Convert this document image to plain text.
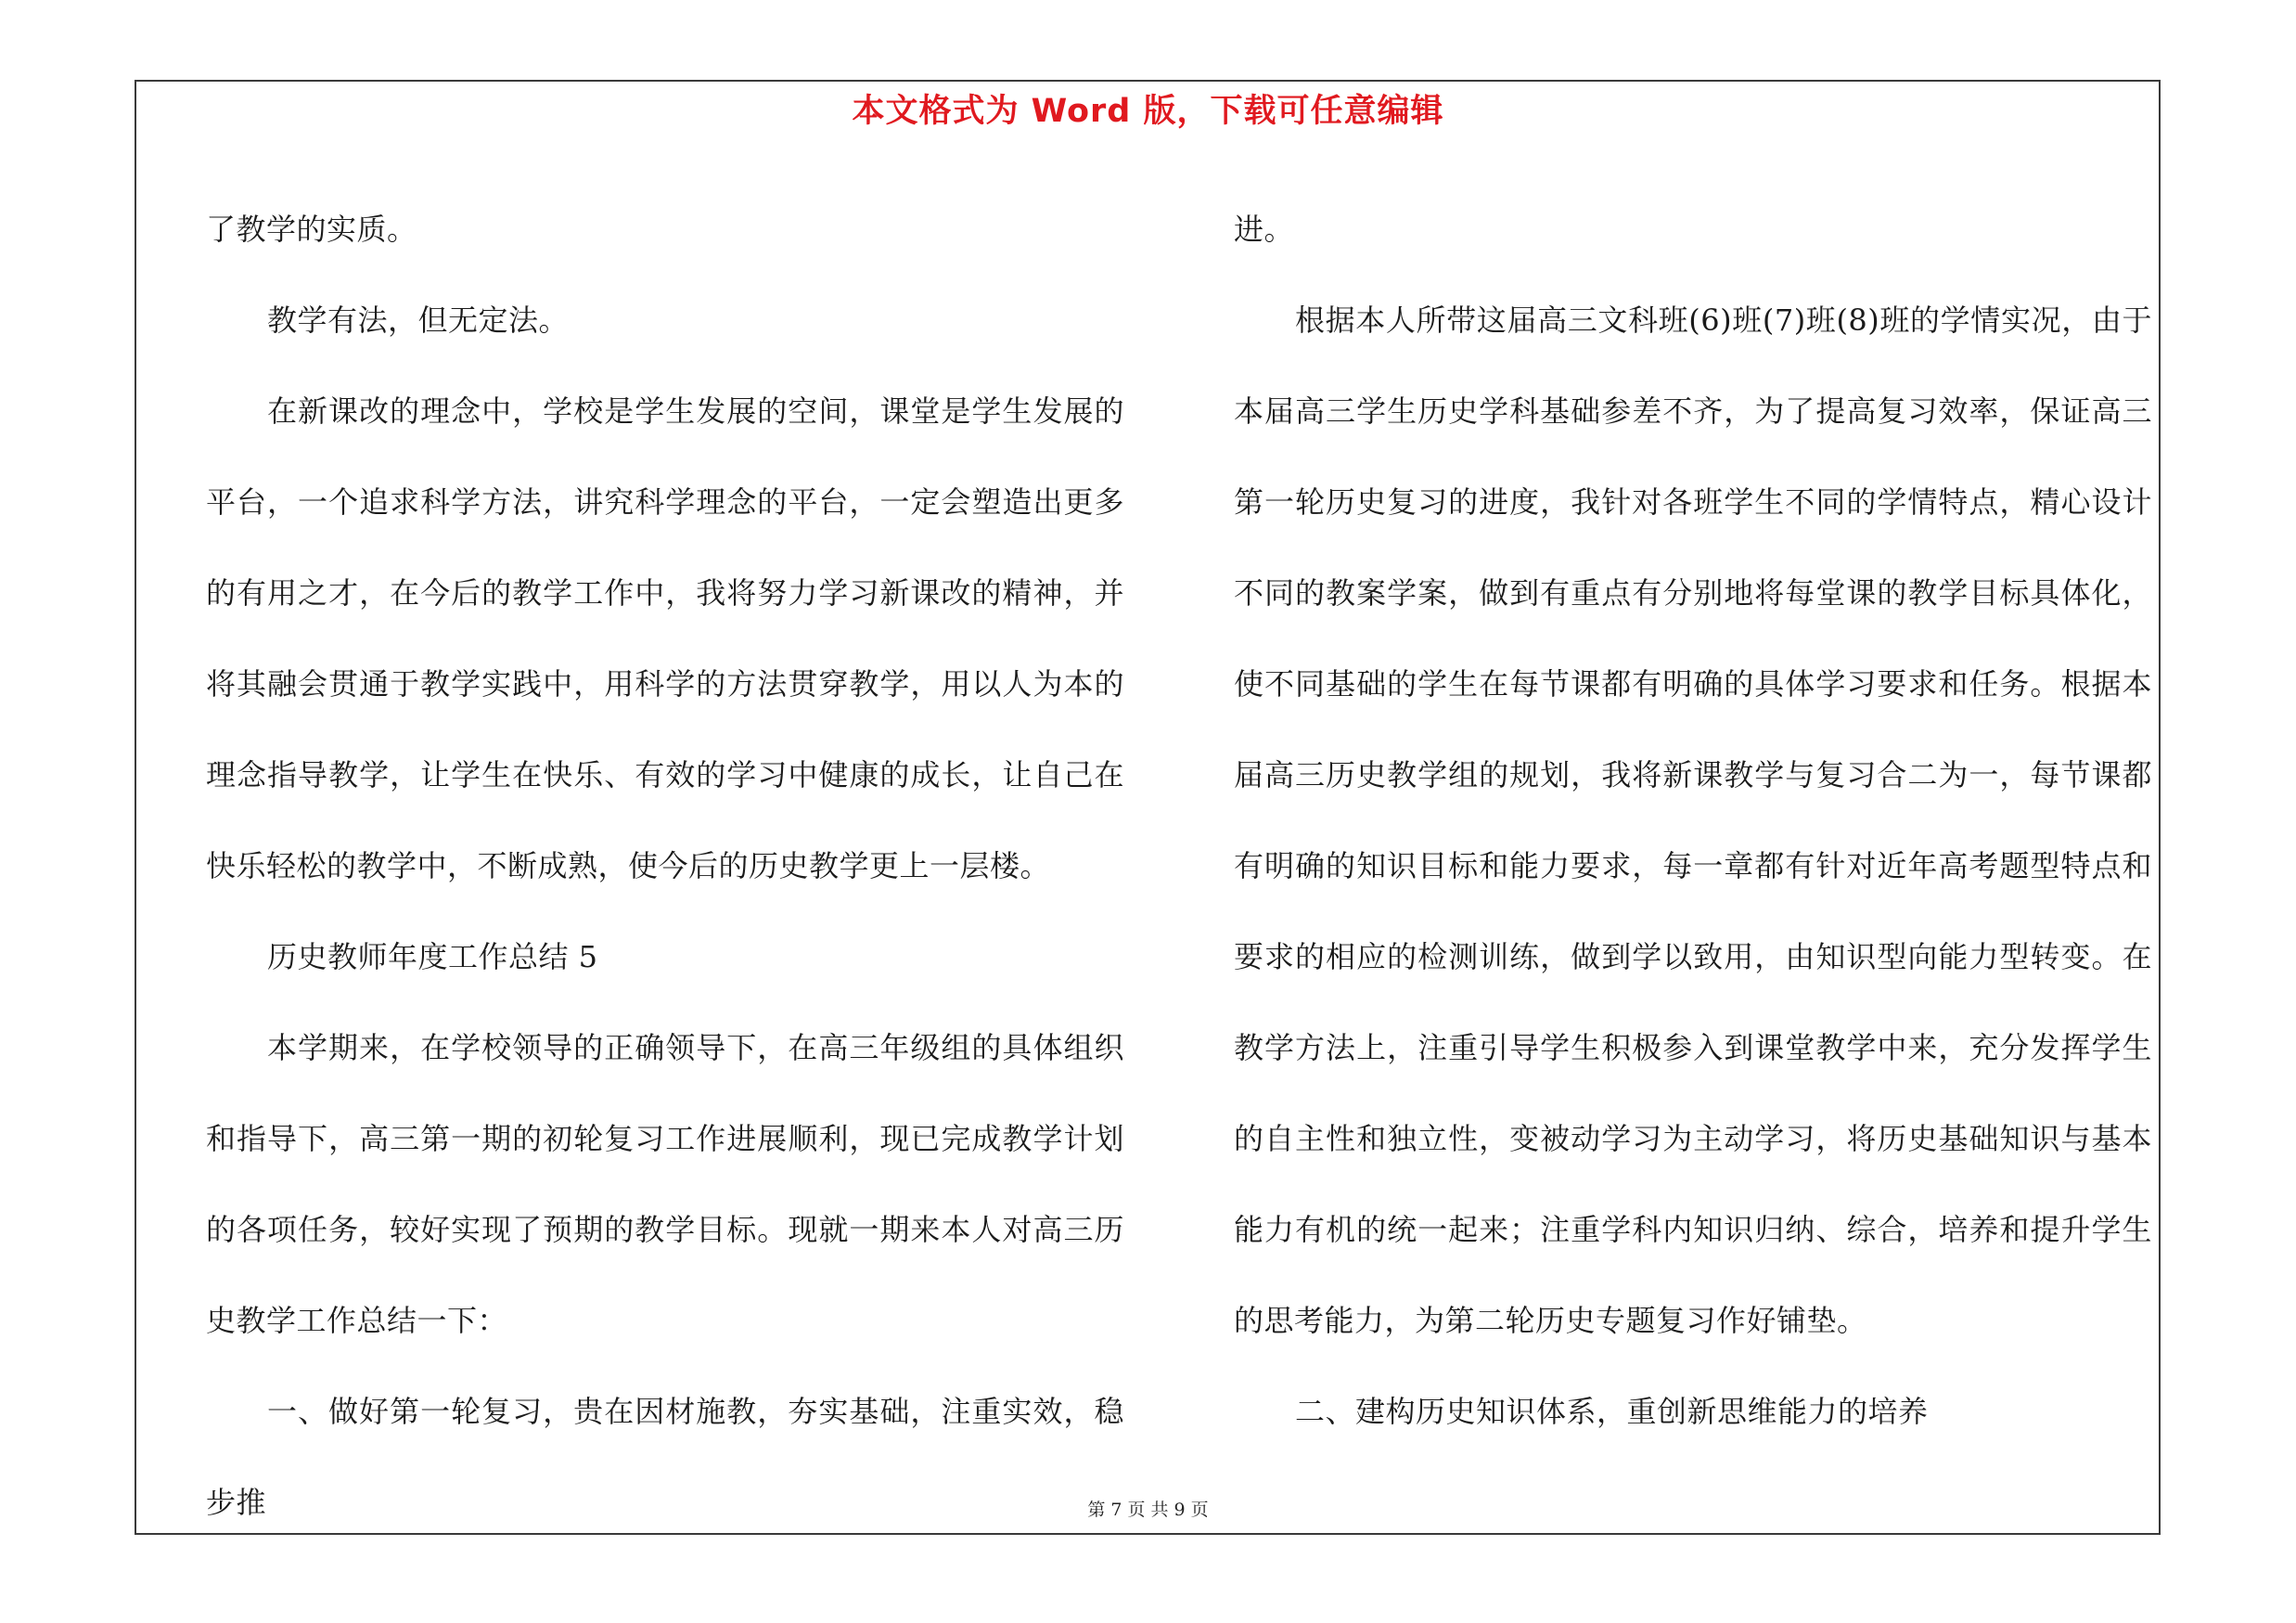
本文格式为 Word 版，下载可任意编辑

了教学的实质。

教学有法，但无定法。

在新课改的理念中，学校是学生发展的空间，课堂是学生发展的平台，一个追求科学方法，讲究科学理念的平台，一定会塑造出更多的有用之才，在今后的教学工作中，我将努力学习新课改的精神，并将其融会贯通于教学实践中，用科学的方法贯穿教学，用以人为本的理念指导教学，让学生在快乐、有效的学习中健康的成长，让自己在快乐轻松的教学中，不断成熟，使今后的历史教学更上一层楼。

历史教师年度工作总结 5

本学期来，在学校领导的正确领导下，在高三年级组的具体组织和指导下，高三第一期的初轮复习工作进展顺利，现已完成教学计划的各项任务，较好实现了预期的教学目标。现就一期来本人对高三历史教学工作总结一下：

一、做好第一轮复习，贵在因材施教，夯实基础，注重实效，稳步推

进。

根据本人所带这届高三文科班(6)班(7)班(8)班的学情实况，由于本届高三学生历史学科基础参差不齐，为了提高复习效率，保证高三第一轮历史复习的进度，我针对各班学生不同的学情特点，精心设计不同的教案学案，做到有重点有分别地将每堂课的教学目标具体化，使不同基础的学生在每节课都有明确的具体学习要求和任务。根据本届高三历史教学组的规划，我将新课教学与复习合二为一，每节课都有明确的知识目标和能力要求，每一章都有针对近年高考题型特点和要求的相应的检测训练，做到学以致用，由知识型向能力型转变。在教学方法上，注重引导学生积极参入到课堂教学中来，充分发挥学生的自主性和独立性，变被动学习为主动学习，将历史基础知识与基本能力有机的统一起来；注重学科内知识归纳、综合，培养和提升学生的思考能力，为第二轮历史专题复习作好铺垫。

二、建构历史知识体系，重创新思维能力的培养

第 7 页 共 9 页
